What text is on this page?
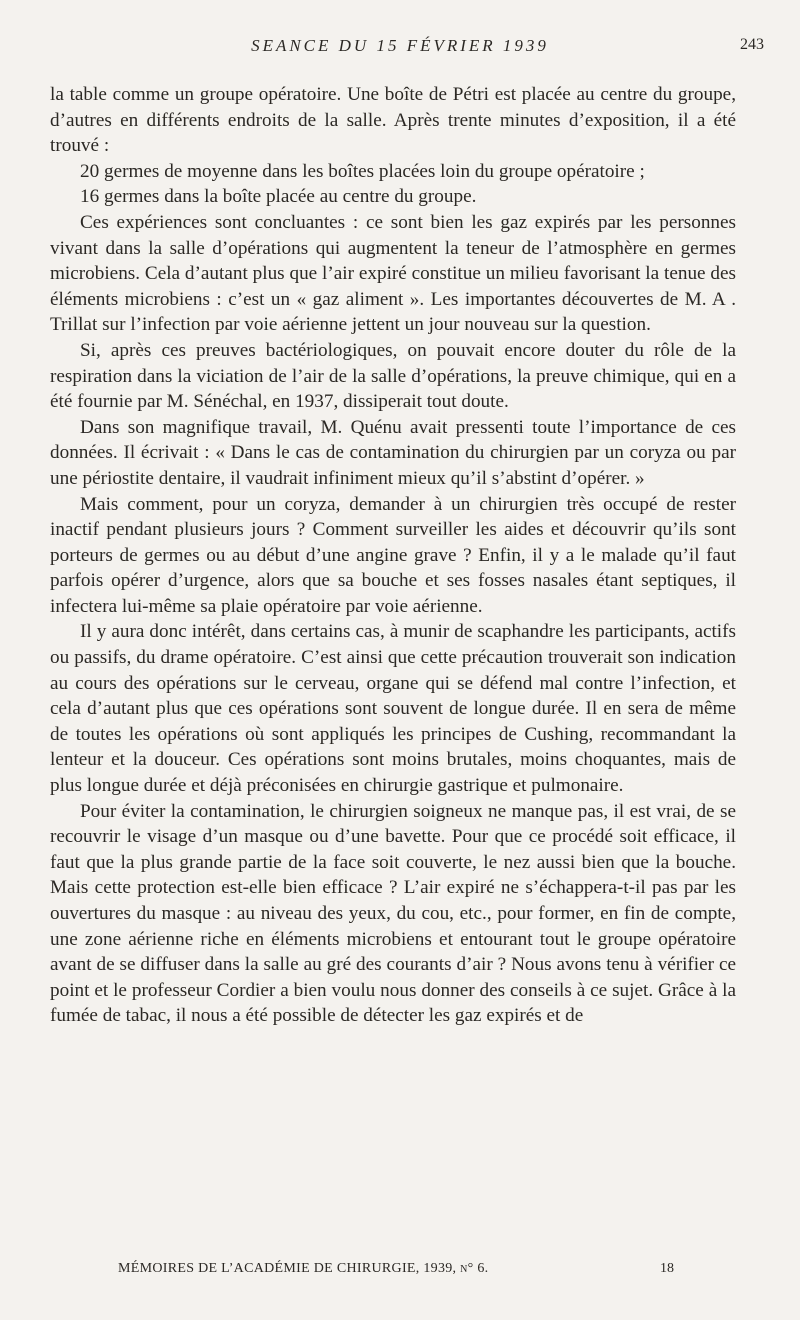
SEANCE DU 15 FÉVRIER 1939	243

la table comme un groupe opératoire. Une boîte de Pétri est placée au centre du groupe, d’autres en différents endroits de la salle. Après trente minutes d’exposition, il a été trouvé :

20 germes de moyenne dans les boîtes placées loin du groupe opératoire ;

16 germes dans la boîte placée au centre du groupe.

Ces expériences sont concluantes : ce sont bien les gaz expirés par les personnes vivant dans la salle d’opérations qui augmentent la teneur de l’atmosphère en germes microbiens. Cela d’autant plus que l’air expiré constitue un milieu favorisant la tenue des éléments microbiens : c’est un « gaz aliment ». Les importantes découvertes de M. A . Trillat sur l’infection par voie aérienne jettent un jour nouveau sur la question.

Si, après ces preuves bactériologiques, on pouvait encore douter du rôle de la respiration dans la viciation de l’air de la salle d’opérations, la preuve chimique, qui en a été fournie par M. Sénéchal, en 1937, dissiperait tout doute.

Dans son magnifique travail, M. Quénu avait pressenti toute l’importance de ces données. Il écrivait : « Dans le cas de contamination du chirurgien par un coryza ou par une périostite dentaire, il vaudrait infiniment mieux qu’il s’abstint d’opérer. »

Mais comment, pour un coryza, demander à un chirurgien très occupé de rester inactif pendant plusieurs jours ? Comment surveiller les aides et découvrir qu’ils sont porteurs de germes ou au début d’une angine grave ? Enfin, il y a le malade qu’il faut parfois opérer d’urgence, alors que sa bouche et ses fosses nasales étant septiques, il infectera lui-même sa plaie opératoire par voie aérienne.

Il y aura donc intérêt, dans certains cas, à munir de scaphandre les participants, actifs ou passifs, du drame opératoire. C’est ainsi que cette précaution trouverait son indication au cours des opérations sur le cerveau, organe qui se défend mal contre l’infection, et cela d’autant plus que ces opérations sont souvent de longue durée. Il en sera de même de toutes les opérations où sont appliqués les principes de Cushing, recommandant la lenteur et la douceur. Ces opérations sont moins brutales, moins choquantes, mais de plus longue durée et déjà préconisées en chirurgie gastrique et pulmonaire.

Pour éviter la contamination, le chirurgien soigneux ne manque pas, il est vrai, de se recouvrir le visage d’un masque ou d’une bavette. Pour que ce procédé soit efficace, il faut que la plus grande partie de la face soit couverte, le nez aussi bien que la bouche. Mais cette protection est-elle bien efficace ? L’air expiré ne s’échappera-t-il pas par les ouvertures du masque : au niveau des yeux, du cou, etc., pour former, en fin de compte, une zone aérienne riche en éléments microbiens et entourant tout le groupe opératoire avant de se diffuser dans la salle au gré des courants d’air ? Nous avons tenu à vérifier ce point et le professeur Cordier a bien voulu nous donner des conseils à ce sujet. Grâce à la fumée de tabac, il nous a été possible de détecter les gaz expirés et de

MÉMOIRES DE L’ACADÉMIE DE CHIRURGIE, 1939, n° 6.	18
